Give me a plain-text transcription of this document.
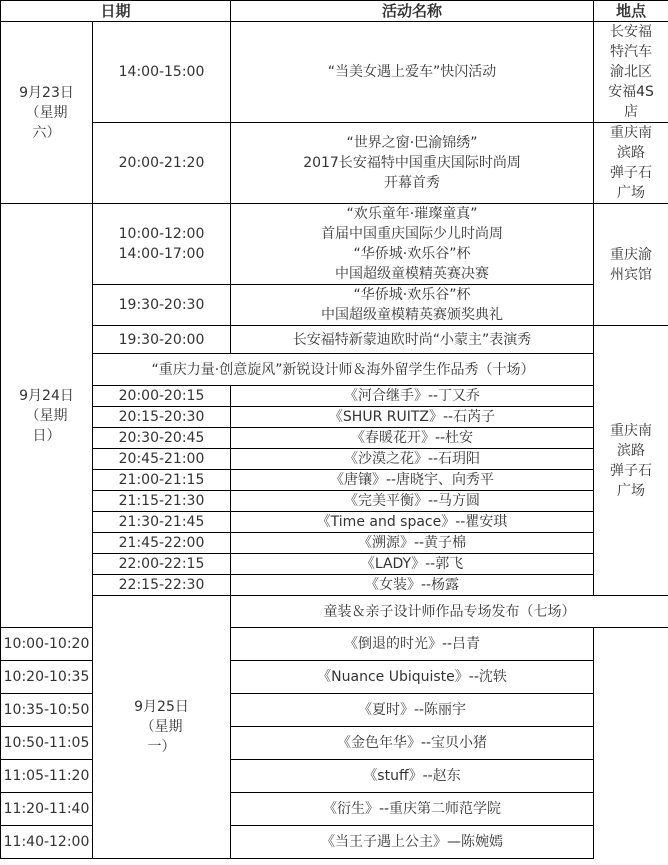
日期		活动名称	地点	
9月23日
（星期
六）	14:00-15:00	“当美女遇上爱车”快闪活动	长安福
特汽车
渝北区
安福4S
店	
	20:00-21:20	“世界之窗·巴渝锦绣”
2017长安福特中国重庆国际时尚周
开幕首秀	重庆南
滨路
弹子石
广场	
9月24日
（星期
日）	10:00-12:00
14:00-17:00	“欢乐童年·璀璨童真”
首届中国重庆国际少儿时尚周
“华侨城·欢乐谷”杯
中国超级童模精英赛决赛	重庆渝
州宾馆	
	19:30-20:30	“华侨城·欢乐谷”杯
中国超级童模精英赛颁奖典礼		
	19:30-20:00	长安福特新蒙迪欧时尚“小蒙主”表演秀	重庆南
滨路
弹子石
广场	
	“重庆力量·创意旋风”新锐设计师＆海外留学生作品秀（十场）			
	20:00-20:15	《河合继手》--丁又乔		
	20:15-20:30	《SHUR RUITZ》--石芮子		
	20:30-20:45	《春暖花开》--杜安		
	20:45-21:00	《沙漠之花》--石玥阳		
	21:00-21:15	《唐镶》--唐晓宇、向秀平		
	21:15-21:30	《完美平衡》--马方圆		
	21:30-21:45	《Time and space》--瞿安琪		
	21:45-22:00	《溯源》--黄子棉		
	22:00-22:15	《LADY》--郭飞		
	22:15-22:30	《女装》--杨露		
	9月25日
（星期
一）	童装＆亲子设计师作品专场发布（七场）	
10:00-10:20		《倒退的时光》--吕青		
10:20-10:35		《Nuance Ubiquiste》--沈轶		
10:35-10:50		《夏时》--陈丽宇		
10:50-11:05		《金色年华》--宝贝小猪		
11:05-11:20		《stuff》--赵东		
11:20-11:40		《衍生》--重庆第二师范学院		
11:40-12:00		《当王子遇上公主》—陈婉嫣		
